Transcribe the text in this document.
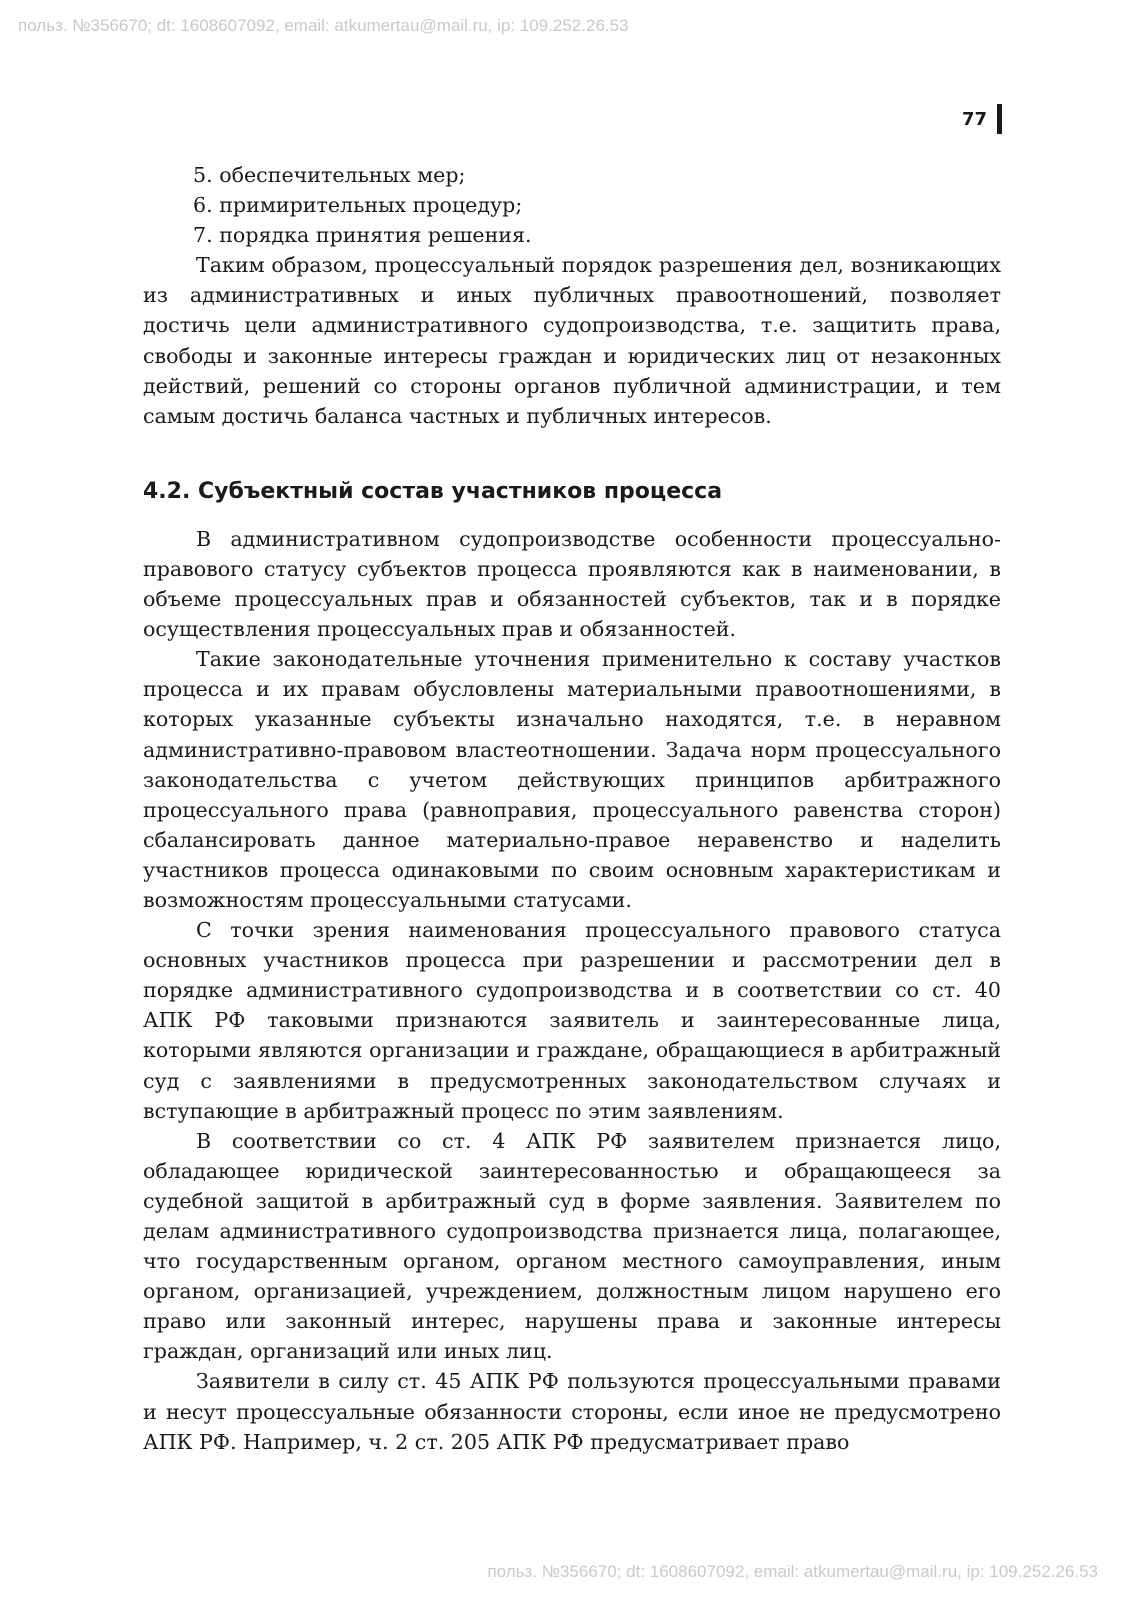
польз. №356670; dt: 1608607092, email: atkumertau@mail.ru, ip: 109.252.26.53
77
5. обеспечительных мер;
6. примирительных процедур;
7. порядка принятия решения.

Таким образом, процессуальный порядок разрешения дел, возникающих из административных и иных публичных правоотношений, позволяет достичь цели административного судопроизводства, т.е. защитить права, свободы и законные интересы граждан и юридических лиц от незаконных действий, решений со стороны органов публичной администрации, и тем самым достичь баланса частных и публичных интересов.

4.2. Субъектный состав участников процесса

В административном судопроизводстве особенности процессуально-правового статусу субъектов процесса проявляются как в наименовании, в объеме процессуальных прав и обязанностей субъектов, так и в порядке осуществления процессуальных прав и обязанностей.

Такие законодательные уточнения применительно к составу участков процесса и их правам обусловлены материальными правоотношениями, в которых указанные субъекты изначально находятся, т.е. в неравном административно-правовом властеотношении. Задача норм процессуального законодательства с учетом действующих принципов арбитражного процессуального права (равноправия, процессуального равенства сторон) сбалансировать данное материально-правое неравенство и наделить участников процесса одинаковыми по своим основным характеристикам и возможностям процессуальными статусами.

С точки зрения наименования процессуального правового статуса основных участников процесса при разрешении и рассмотрении дел в порядке административного судопроизводства и в соответствии со ст. 40 АПК РФ таковыми признаются заявитель и заинтересованные лица, которыми являются организации и граждане, обращающиеся в арбитражный суд с заявлениями в предусмотренных законодательством случаях и вступающие в арбитражный процесс по этим заявлениям.

В соответствии со ст. 4 АПК РФ заявителем признается лицо, обладающее юридической заинтересованностью и обращающееся за судебной защитой в арбитражный суд в форме заявления. Заявителем по делам административного судопроизводства признается лица, полагающее, что государственным органом, органом местного самоуправления, иным органом, организацией, учреждением, должностным лицом нарушено его право или законный интерес, нарушены права и законные интересы граждан, организаций или иных лиц.

Заявители в силу ст. 45 АПК РФ пользуются процессуальными правами и несут процессуальные обязанности стороны, если иное не предусмотрено АПК РФ. Например, ч. 2 ст. 205 АПК РФ предусматривает право

польз. №356670; dt: 1608607092, email: atkumertau@mail.ru, ip: 109.252.26.53
